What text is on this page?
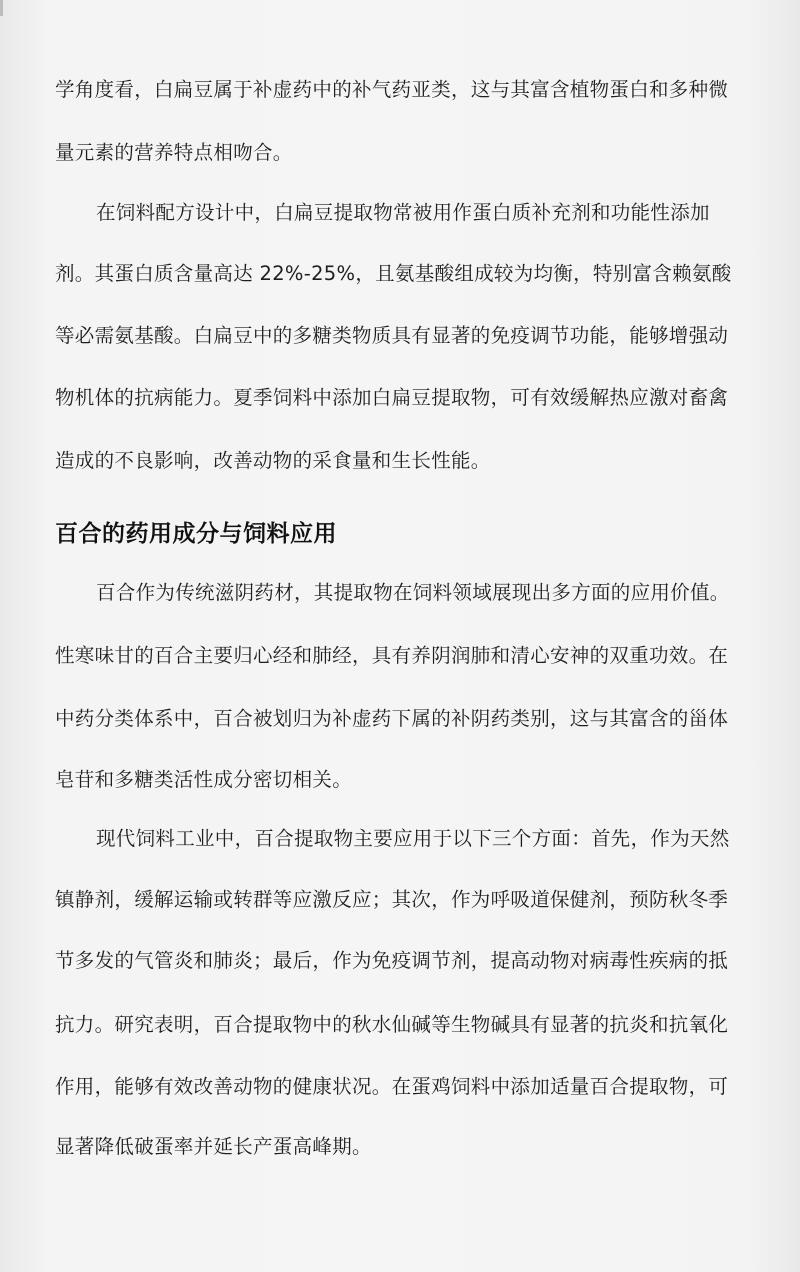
学角度看，白扁豆属于补虚药中的补气药亚类，这与其富含植物蛋白和多种微
量元素的营养特点相吻合。
在饲料配方设计中，白扁豆提取物常被用作蛋白质补充剂和功能性添加
剂。其蛋白质含量高达 22%-25%，且氨基酸组成较为均衡，特别富含赖氨酸
等必需氨基酸。白扁豆中的多糖类物质具有显著的免疫调节功能，能够增强动
物机体的抗病能力。夏季饲料中添加白扁豆提取物，可有效缓解热应激对畜禽
造成的不良影响，改善动物的采食量和生长性能。
百合的药用成分与饲料应用
百合作为传统滋阴药材，其提取物在饲料领域展现出多方面的应用价值。
性寒味甘的百合主要归心经和肺经，具有养阴润肺和清心安神的双重功效。在
中药分类体系中，百合被划归为补虚药下属的补阴药类别，这与其富含的甾体
皂苷和多糖类活性成分密切相关。
现代饲料工业中，百合提取物主要应用于以下三个方面：首先，作为天然
镇静剂，缓解运输或转群等应激反应；其次，作为呼吸道保健剂，预防秋冬季
节多发的气管炎和肺炎；最后，作为免疫调节剂，提高动物对病毒性疾病的抵
抗力。研究表明，百合提取物中的秋水仙碱等生物碱具有显著的抗炎和抗氧化
作用，能够有效改善动物的健康状况。在蛋鸡饲料中添加适量百合提取物，可
显著降低破蛋率并延长产蛋高峰期。
